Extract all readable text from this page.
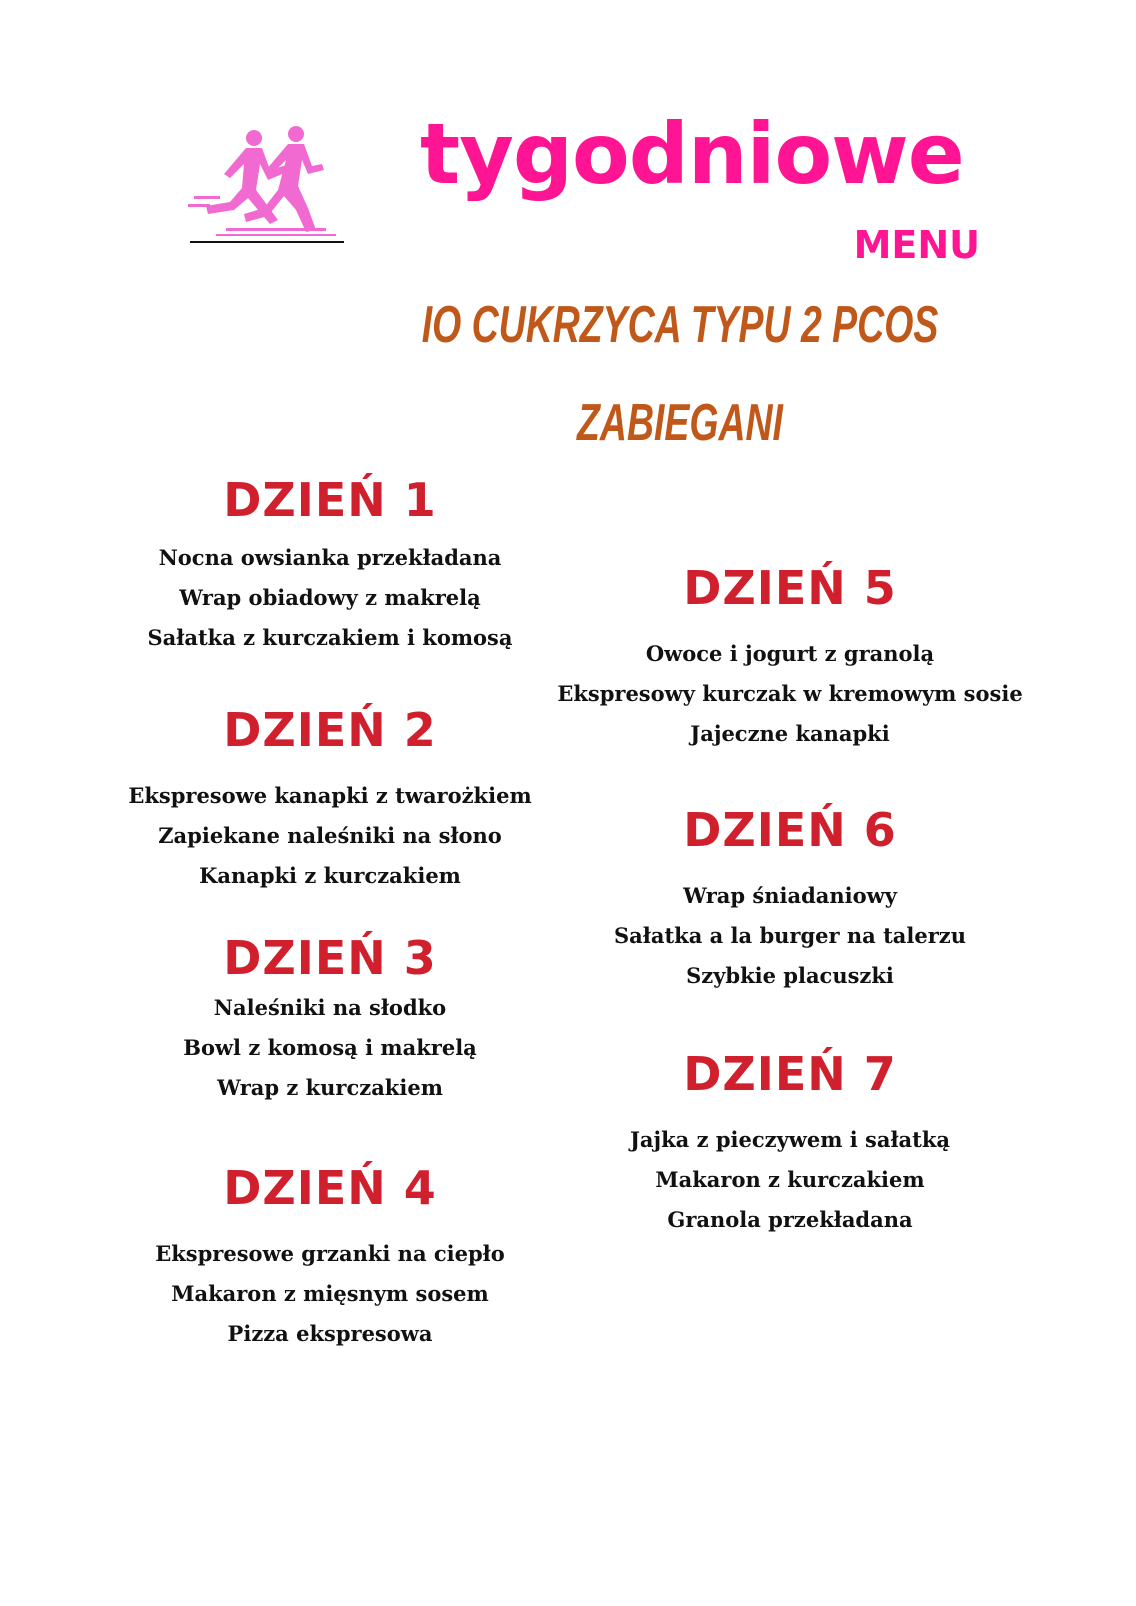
tygodniowe
MENU
IO CUKRZYCA TYPU 2 PCOS
ZABIEGANI
DZIEŃ 1
Nocna owsianka przekładana
Wrap obiadowy z makrelą
Sałatka z kurczakiem i komosą
DZIEŃ 2
Ekspresowe kanapki z twarożkiem
Zapiekane naleśniki na słono
Kanapki z kurczakiem
DZIEŃ 3
Naleśniki na słodko
Bowl z komosą i makrelą
Wrap z kurczakiem
DZIEŃ 4
Ekspresowe grzanki na ciepło
Makaron z mięsnym sosem
Pizza ekspresowa
DZIEŃ 5
Owoce i jogurt z granolą
Ekspresowy kurczak w kremowym sosie
Jajeczne kanapki
DZIEŃ 6
Wrap śniadaniowy
Sałatka a la burger na talerzu
Szybkie placuszki
DZIEŃ 7
Jajka z pieczywem i sałatką
Makaron z kurczakiem
Granola przekładana
